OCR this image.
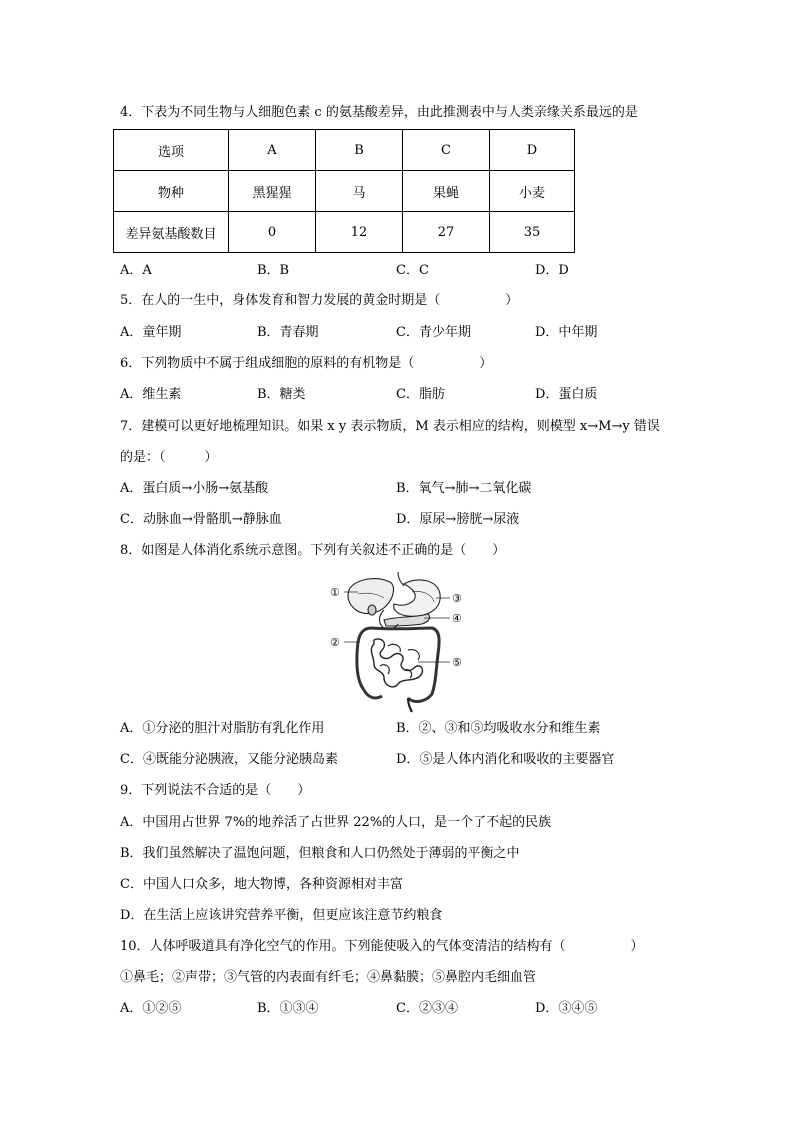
4．下表为不同生物与人细胞色素 c 的氨基酸差异，由此推测表中与人类亲缘关系最远的是
选项	A	B	C	D
物种	黑猩猩	马	果蝇	小麦
差异氨基酸数目	0	12	27	35
A．A	B．B	C．C	D．D
5．在人的一生中，身体发育和智力发展的黄金时期是（　　　　　）
A．童年期	B．青春期	C．青少年期	D．中年期
6．下列物质中不属于组成细胞的原料的有机物是（　　　　　）
A．维生素	B．糖类	C．脂肪	D．蛋白质
7．建模可以更好地梳理知识。如果 x y 表示物质，M 表示相应的结构，则模型 x→M→y 错误
的是：（　　　）
A．蛋白质→小肠→氨基酸	B．氧气→肺→二氧化碳
C．动脉血→骨骼肌→静脉血	D．原尿→膀胱→尿液
8．如图是人体消化系统示意图。下列有关叙述不正确的是（　　）
①
②
③
④
⑤
A．①分泌的胆汁对脂肪有乳化作用	B．②、③和⑤均吸收水分和维生素
C．④既能分泌胰液，又能分泌胰岛素	D．⑤是人体内消化和吸收的主要器官
9．下列说法不合适的是（　　）
A．中国用占世界 7%的地养活了占世界 22%的人口，是一个了不起的民族
B．我们虽然解决了温饱问题，但粮食和人口仍然处于薄弱的平衡之中
C．中国人口众多，地大物博，各种资源相对丰富
D．在生活上应该讲究营养平衡，但更应该注意节约粮食
10．人体呼吸道具有净化空气的作用。下列能使吸入的气体变清洁的结构有（　　　　　）
①鼻毛；②声带；③气管的内表面有纤毛；④鼻黏膜；⑤鼻腔内毛细血管
A．①②⑤	B．①③④	C．②③④	D．③④⑤
